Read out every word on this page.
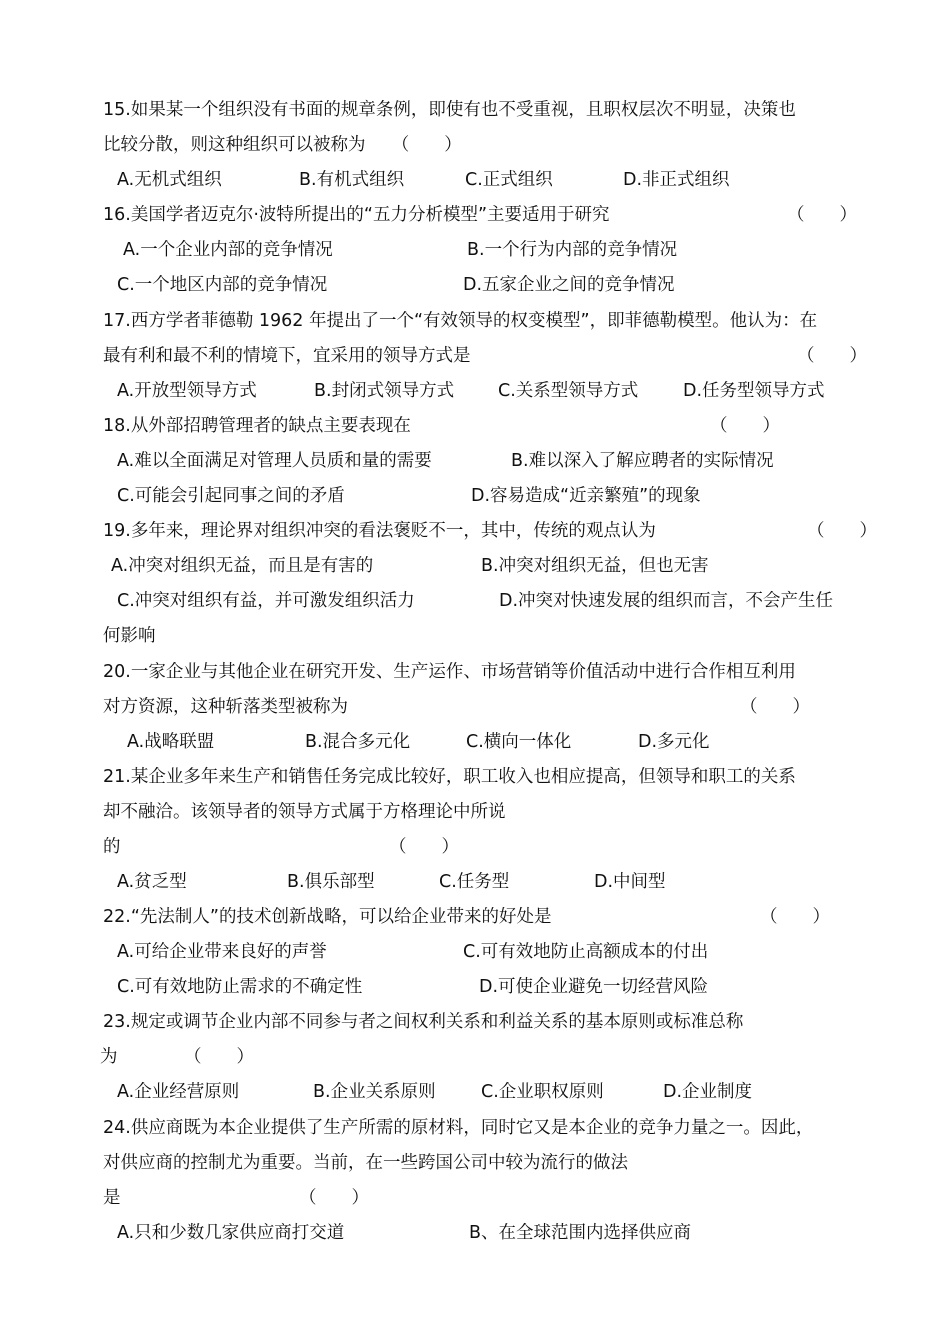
15.如果某一个组织没有书面的规章条例，即使有也不受重视，且职权层次不明显，决策也
比较分散，则这种组织可以被称为　　（　　）
A.无机式组织	B.有机式组织	C.正式组织	D.非正式组织
16.美国学者迈克尔·波特所提出的“五力分析模型”主要适用于研究	（　　）
A.一个企业内部的竞争情况	B.一个行为内部的竞争情况
C.一个地区内部的竞争情况	D.五家企业之间的竞争情况
17.西方学者菲德勒 1962 年提出了一个“有效领导的权变模型”，即菲德勒模型。他认为：在
最有利和最不利的情境下，宜采用的领导方式是	（　　）
A.开放型领导方式	B.封闭式领导方式	C.关系型领导方式	D.任务型领导方式
18.从外部招聘管理者的缺点主要表现在	（　　）
A.难以全面满足对管理人员质和量的需要	B.难以深入了解应聘者的实际情况
C.可能会引起同事之间的矛盾	D.容易造成“近亲繁殖”的现象
19.多年来，理论界对组织冲突的看法褒贬不一，其中，传统的观点认为	（　　）
A.冲突对组织无益，而且是有害的	B.冲突对组织无益，但也无害
C.冲突对组织有益，并可激发组织活力	D.冲突对快速发展的组织而言，不会产生任
何影响
20.一家企业与其他企业在研究开发、生产运作、市场营销等价值活动中进行合作相互利用
对方资源，这种斩落类型被称为	（　　）
A.战略联盟	B.混合多元化	C.横向一体化	D.多元化
21.某企业多年来生产和销售任务完成比较好，职工收入也相应提高，但领导和职工的关系
却不融洽。该领导者的领导方式属于方格理论中所说
的	（　　）
A.贫乏型	B.俱乐部型	C.任务型	D.中间型
22.“先法制人”的技术创新战略，可以给企业带来的好处是	（　　）
A.可给企业带来良好的声誉	C.可有效地防止高额成本的付出
C.可有效地防止需求的不确定性	D.可使企业避免一切经营风险
23.规定或调节企业内部不同参与者之间权利关系和利益关系的基本原则或标准总称
为	（　　）
A.企业经营原则	B.企业关系原则	C.企业职权原则	D.企业制度
24.供应商既为本企业提供了生产所需的原材料，同时它又是本企业的竞争力量之一。因此，
对供应商的控制尤为重要。当前，在一些跨国公司中较为流行的做法
是	（　　）
A.只和少数几家供应商打交道	B、在全球范围内选择供应商
